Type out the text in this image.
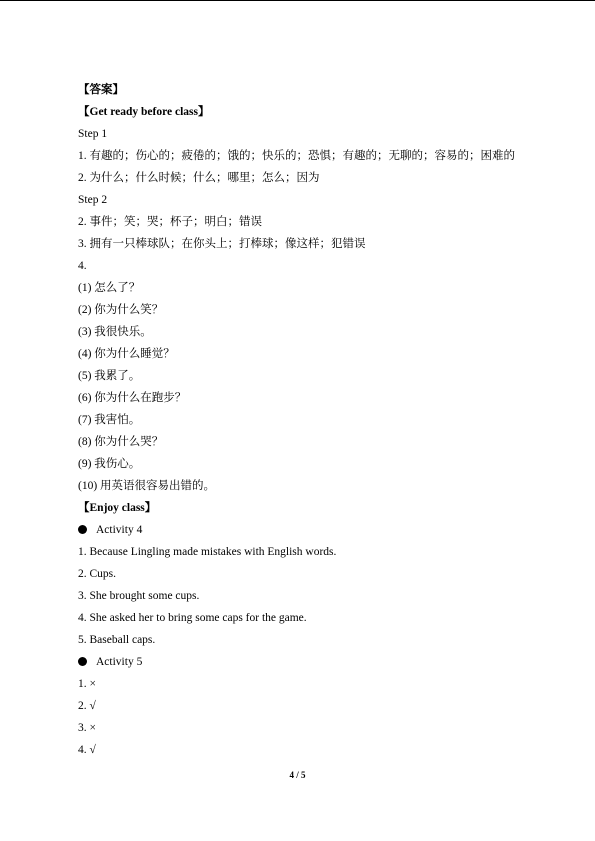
【答案】
【Get ready before class】
Step 1
1. 有趣的；伤心的；疲倦的；饿的；快乐的；恐惧；有趣的；无聊的；容易的；困难的
2. 为什么；什么时候；什么；哪里；怎么；因为
Step 2
2. 事件；笑；哭；杯子；明白；错误
3. 拥有一只棒球队；在你头上；打棒球；像这样；犯错误
4.
(1) 怎么了？
(2) 你为什么笑？
(3) 我很快乐。
(4) 你为什么睡觉？
(5) 我累了。
(6) 你为什么在跑步？
(7) 我害怕。
(8) 你为什么哭？
(9) 我伤心。
(10) 用英语很容易出错的。
【Enjoy class】
Activity 4
1. Because Lingling made mistakes with English words.
2. Cups.
3. She brought some cups.
4. She asked her to bring some caps for the game.
5. Baseball caps.
Activity 5
1. ×
2. √
3. ×
4. √
4 / 5
